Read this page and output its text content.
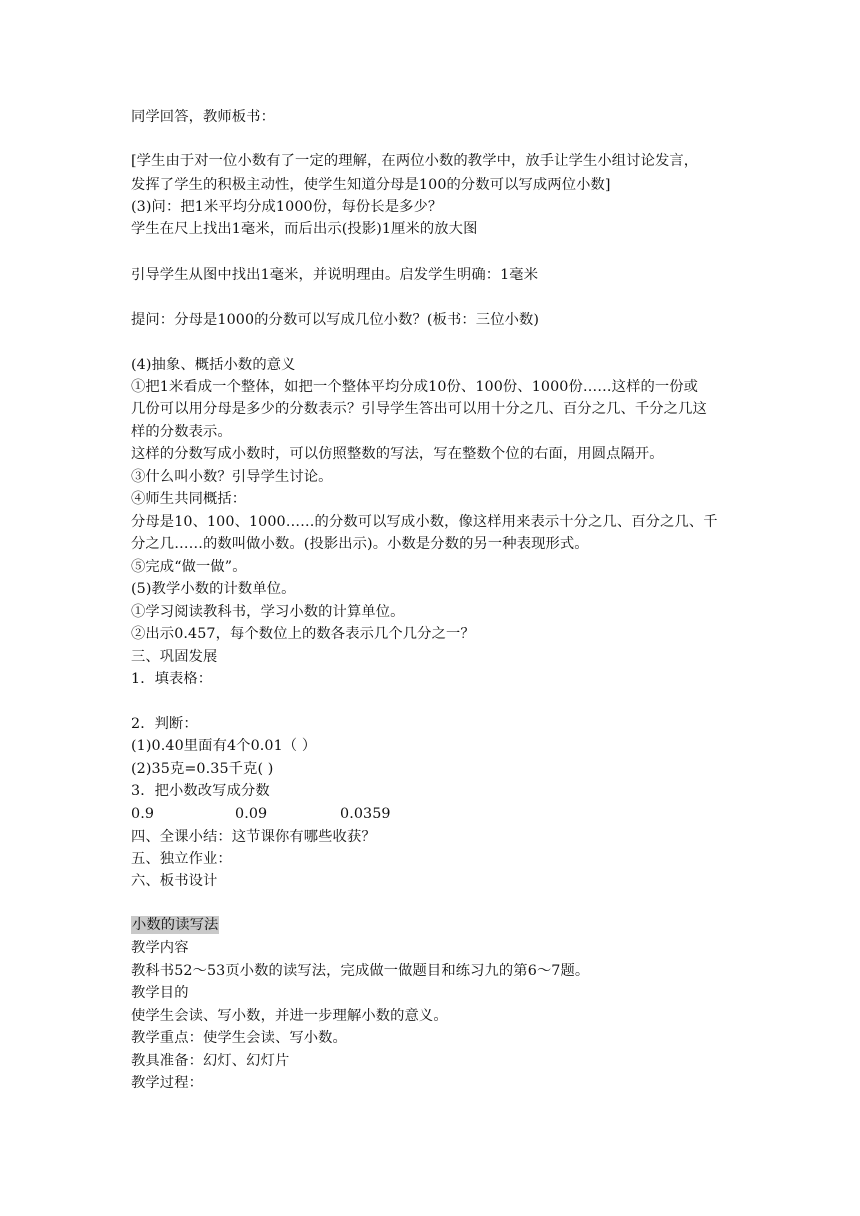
同学回答，教师板书：
[学生由于对一位小数有了一定的理解，在两位小数的教学中，放手让学生小组讨论发言，
发挥了学生的积极主动性，使学生知道分母是100的分数可以写成两位小数]
(3)问：把1米平均分成1000份，每份长是多少？
学生在尺上找出1毫米，而后出示(投影)1厘米的放大图
引导学生从图中找出1毫米，并说明理由。启发学生明确：1毫米
提问：分母是1000的分数可以写成几位小数？(板书：三位小数)
(4)抽象、概括小数的意义
①把1米看成一个整体，如把一个整体平均分成10份、100份、1000份……这样的一份或
几份可以用分母是多少的分数表示？引导学生答出可以用十分之几、百分之几、千分之几这
样的分数表示。
这样的分数写成小数时，可以仿照整数的写法，写在整数个位的右面，用圆点隔开。
③什么叫小数？引导学生讨论。
④师生共同概括：
分母是10、100、1000……的分数可以写成小数，像这样用来表示十分之几、百分之几、千
分之几……的数叫做小数。(投影出示)。小数是分数的另一种表现形式。
⑤完成“做一做”。
(5)教学小数的计数单位。
①学习阅读教科书，学习小数的计算单位。
②出示0.457，每个数位上的数各表示几个几分之一？
三、巩固发展
1．填表格：
2．判断：
(1)0.40里面有4个0.01（ ）
(2)35克=0.35千克( )
3．把小数改写成分数
0.9	0.09	0.0359
四、全课小结：这节课你有哪些收获？
五、独立作业：
六、板书设计
小数的读写法
教学内容
教科书52～53页小数的读写法，完成做一做题目和练习九的第6～7题。
教学目的
使学生会读、写小数，并进一步理解小数的意义。
教学重点：使学生会读、写小数。
教具准备：幻灯、幻灯片
教学过程：
